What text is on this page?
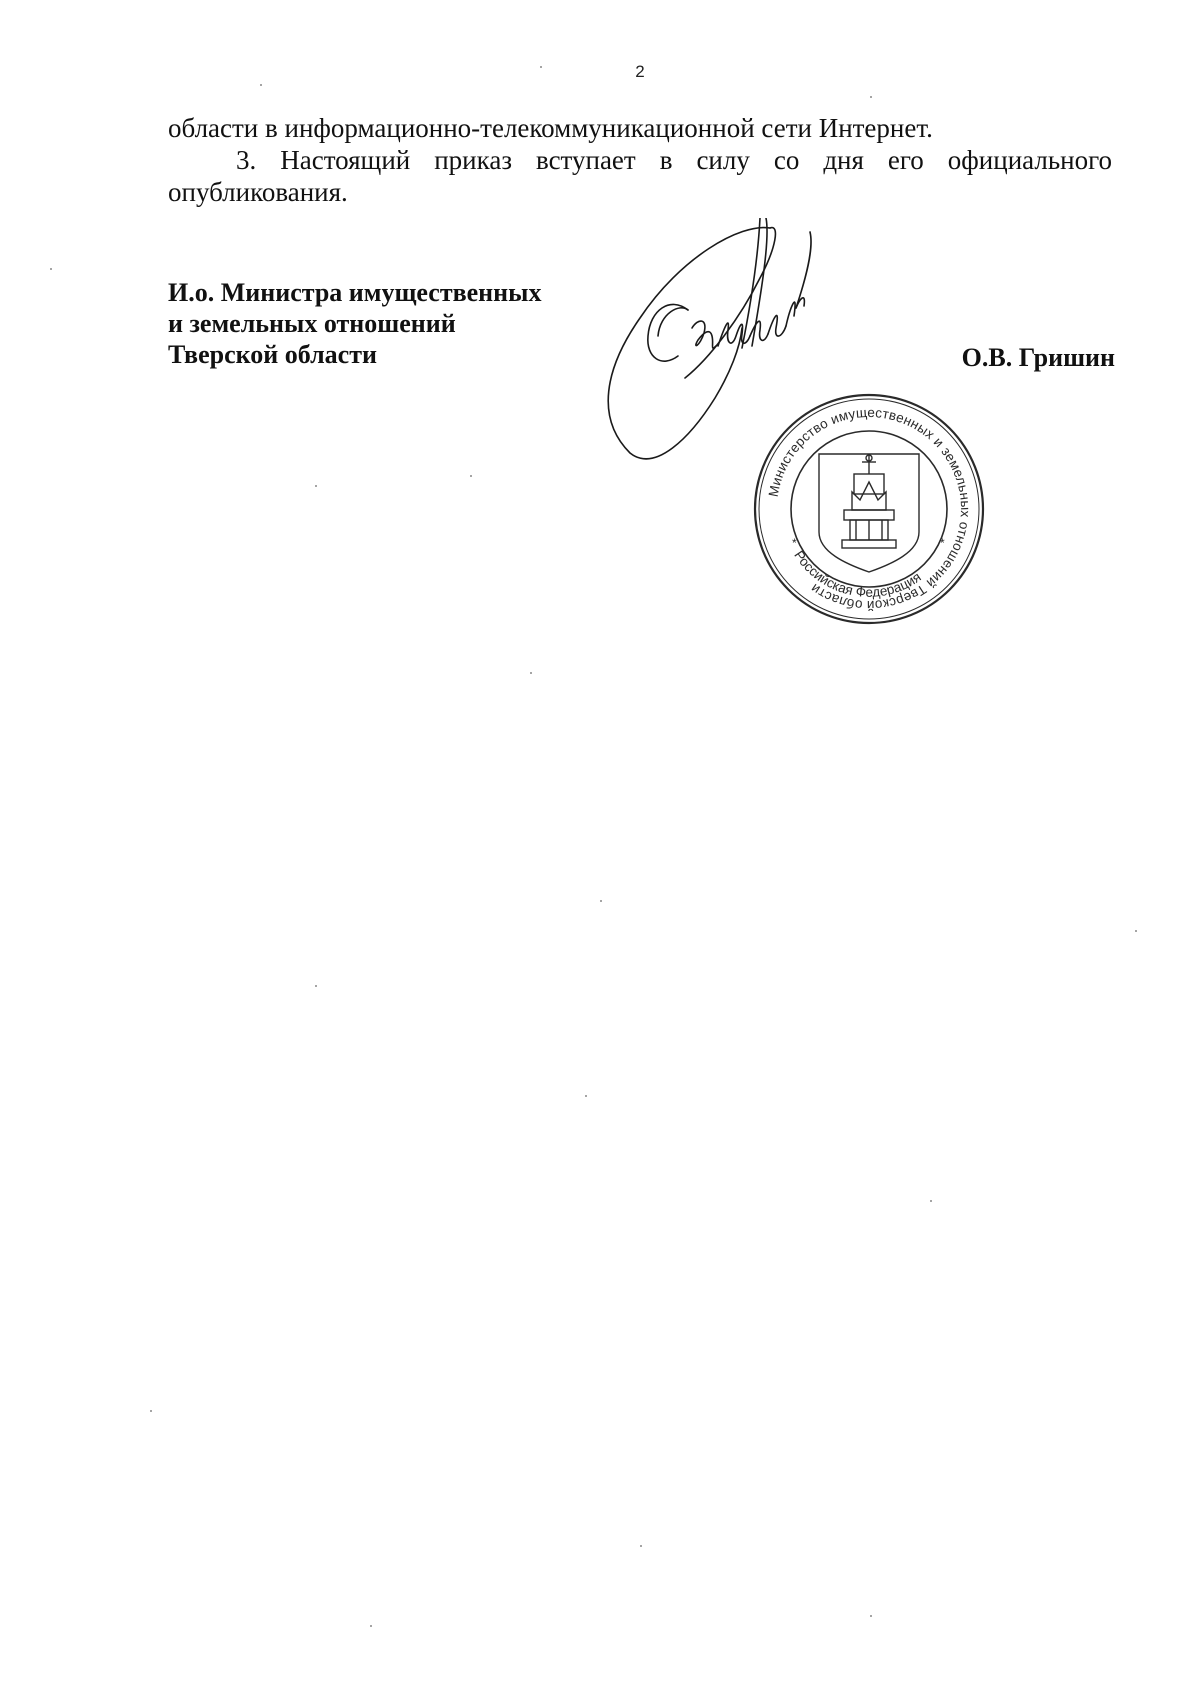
2

области в информационно-телекоммуникационной сети Интернет.

3. Настоящий приказ вступает в силу со дня его официального

опубликования.

И.о. Министра имущественных
и земельных отношений
Тверской области	О.В. Гришин
Министерство имущественных и земельных отношений Тверской области
Российская Федерация
*	*
